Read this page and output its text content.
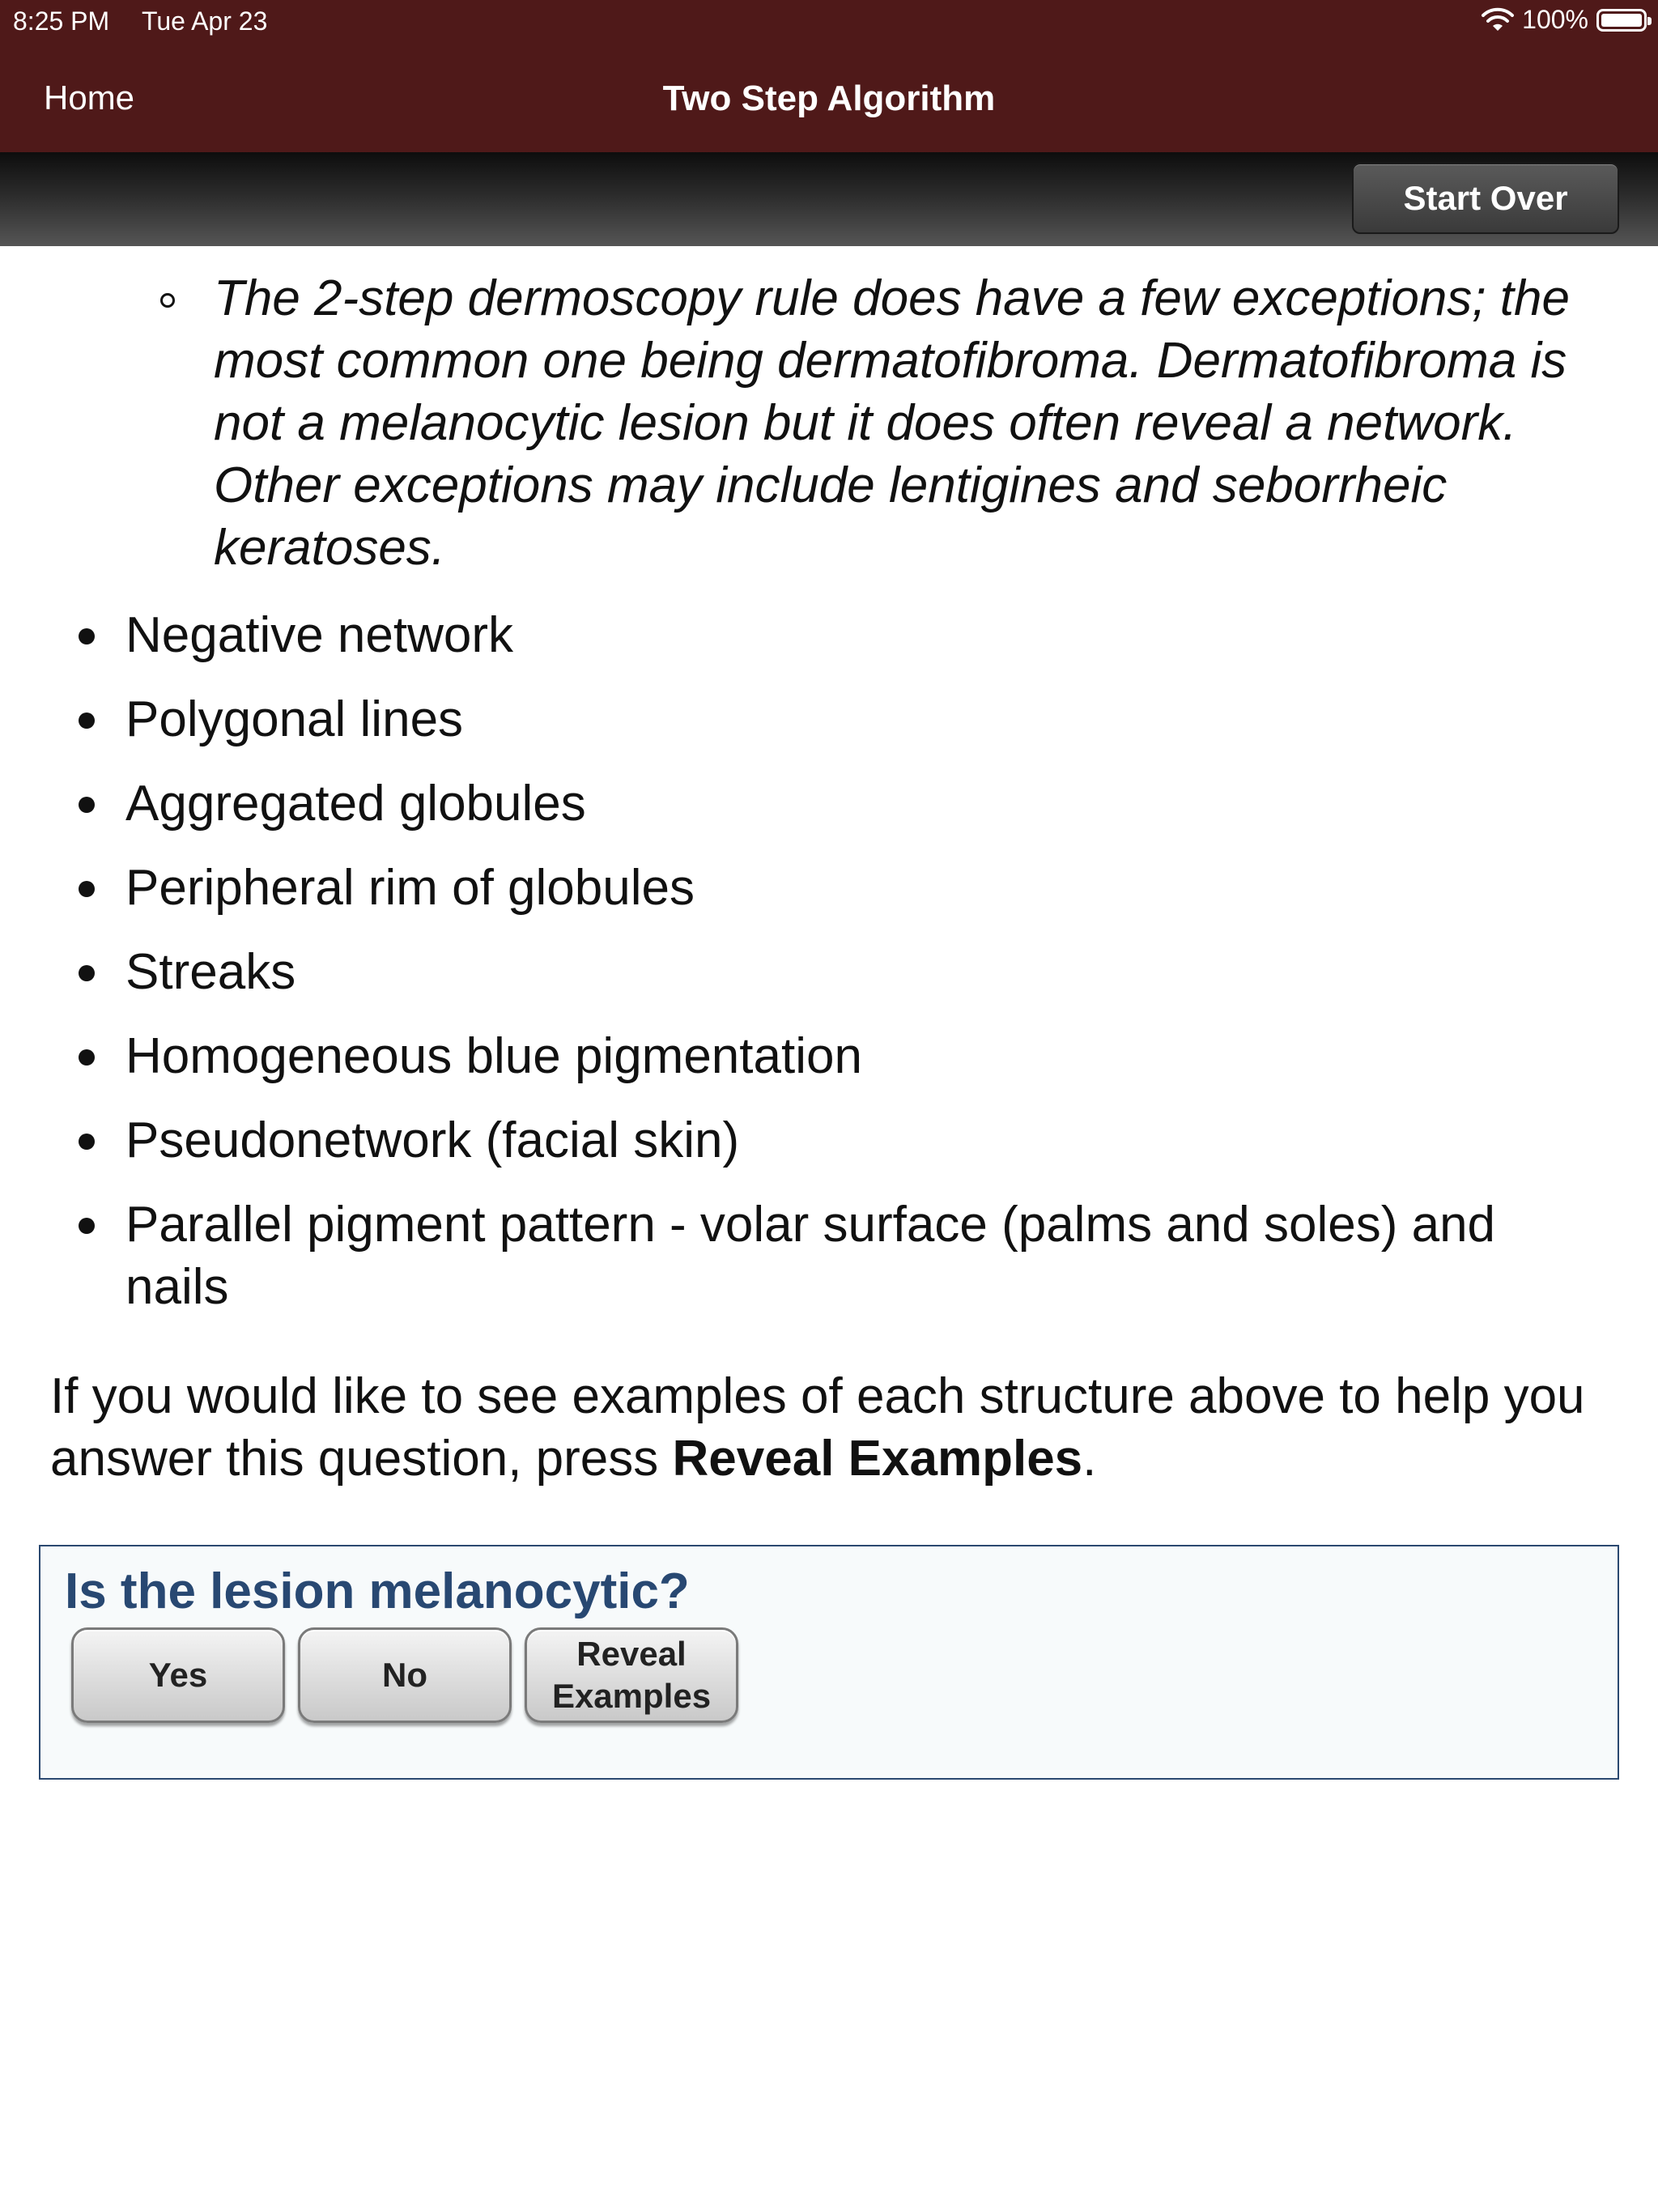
8:25 PM Tue Apr 23	100%
Home	Two Step Algorithm
Start Over
The 2-step dermoscopy rule does have a few exceptions; the most common one being dermatofibroma. Dermatofibroma is not a melanocytic lesion but it does often reveal a network. Other exceptions may include lentigines and seborrheic keratoses.
Negative network
Polygonal lines
Aggregated globules
Peripheral rim of globules
Streaks
Homogeneous blue pigmentation
Pseudonetwork (facial skin)
Parallel pigment pattern - volar surface (palms and soles) and nails
If you would like to see examples of each structure above to help you answer this question, press Reveal Examples.
Is the lesion melanocytic?
Yes	No
Reveal Examples
